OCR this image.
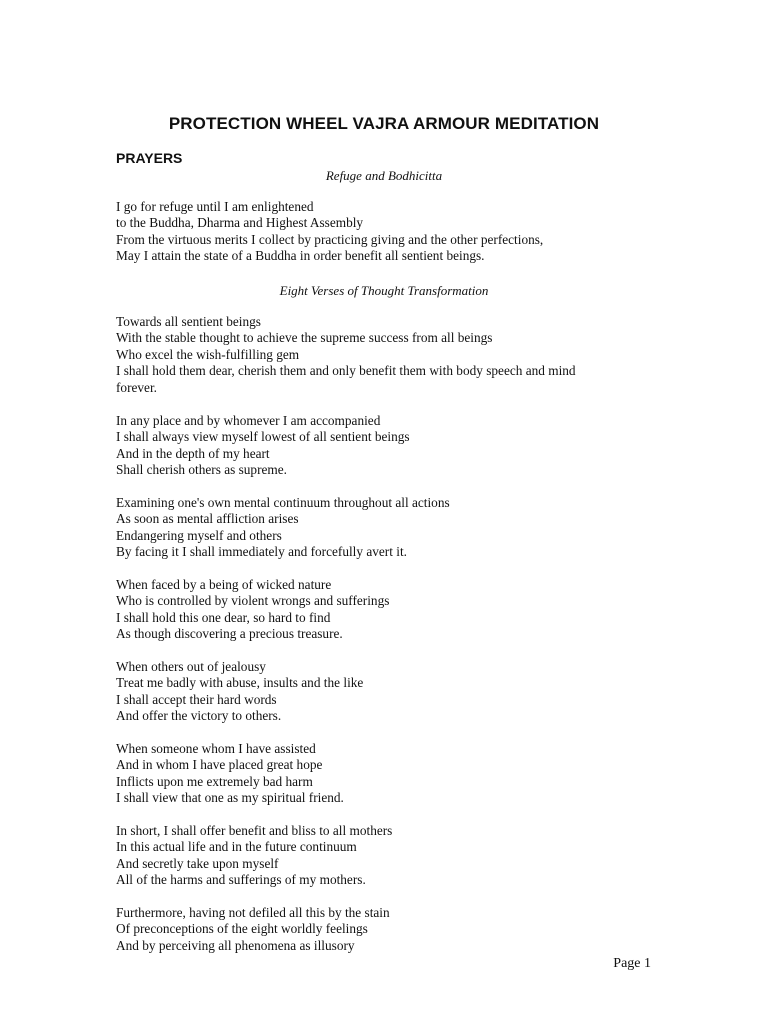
PROTECTION WHEEL VAJRA ARMOUR MEDITATION
PRAYERS
Refuge and Bodhicitta
I go for refuge until I am enlightened
to the Buddha, Dharma and Highest Assembly
From the virtuous merits I collect by practicing giving and the other perfections,
May I attain the state of a Buddha in order benefit all sentient beings.
Eight Verses of Thought Transformation
Towards all sentient beings
With the stable thought to achieve the supreme success from all beings
Who excel the wish-fulfilling gem
I shall hold them dear, cherish them and only benefit them with body speech and mind
forever.
In any place and by whomever I am accompanied
I shall always view myself lowest of all sentient beings
And in the depth of my heart
Shall cherish others as supreme.
Examining one's own mental continuum throughout all actions
As soon as mental affliction arises
Endangering myself and others
By facing it I shall immediately and forcefully avert it.
When faced by a being of wicked nature
Who is controlled by violent wrongs and sufferings
I shall hold this one dear, so hard to find
As though discovering a precious treasure.
When others out of jealousy
Treat me badly with abuse, insults and the like
I shall accept their hard words
And offer the victory to others.
When someone whom I have assisted
And in whom I have placed great hope
Inflicts upon me extremely bad harm
I shall view that one as my spiritual friend.
In short, I shall offer benefit and bliss to all mothers
In this actual life and in the future continuum
And secretly take upon myself
All of the harms and sufferings of my mothers.
Furthermore, having not defiled all this by the stain
Of preconceptions of the eight worldly feelings
And by perceiving all phenomena as illusory
Page 1
